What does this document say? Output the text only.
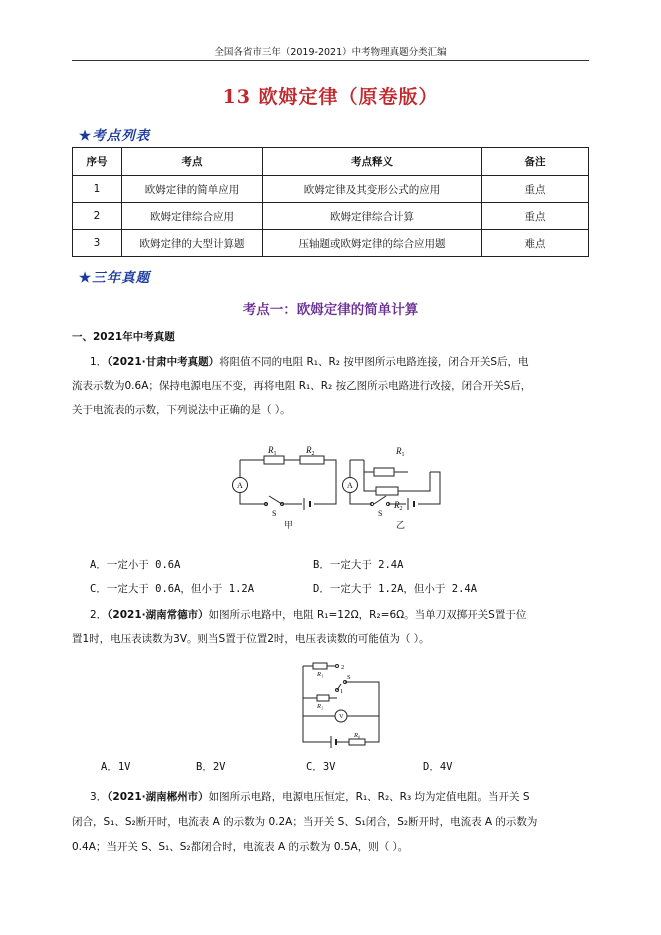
全国各省市三年（2019-2021）中考物理真题分类汇编
13 欧姆定律（原卷版）
★考点列表
序号	考点	考点释义	备注
1	欧姆定律的简单应用	欧姆定律及其变形公式的应用	重点
2	欧姆定律综合应用	欧姆定律综合计算	重点
3	欧姆定律的大型计算题	压轴题或欧姆定律的综合应用题	难点
★三年真题
考点一：欧姆定律的简单计算
一、2021年中考真题
1．（2021·甘肃中考真题）将阻值不同的电阻 R₁、R₂ 按甲图所示电路连接，闭合开关S后，电
流表示数为0.6A；保持电源电压不变，再将电阻 R₁、R₂ 按乙图所示电路进行改接，闭合开关S后，
关于电流表的示数，下列说法中正确的是（ ）。
$R_1$	$R_2$	$R_1$
$R_2$
A	A
S	S
甲	乙
A．一定小于 0.6A	B．一定大于 2.4A
C．一定大于 0.6A，但小于 1.2A	D．一定大于 1.2A，但小于 2.4A
2．（2021·湖南常德市）如图所示电路中，电阻 R₁=12Ω，R₂=6Ω。当单刀双掷开关S置于位
置1时，电压表读数为3V。则当S置于位置2时，电压表读数的可能值为（ ）。
R₁
R₂
R₀
V
2
1
S
A．1V	B．2V	C．3V	D．4V
3．（2021·湖南郴州市）如图所示电路，电源电压恒定，R₁、R₂、R₃ 均为定值电阻。当开关 S
闭合，S₁、S₂断开时，电流表 A 的示数为 0.2A；当开关 S、S₁闭合，S₂断开时，电流表 A 的示数为
0.4A；当开关 S、S₁、S₂都闭合时，电流表 A 的示数为 0.5A，则（ ）。
